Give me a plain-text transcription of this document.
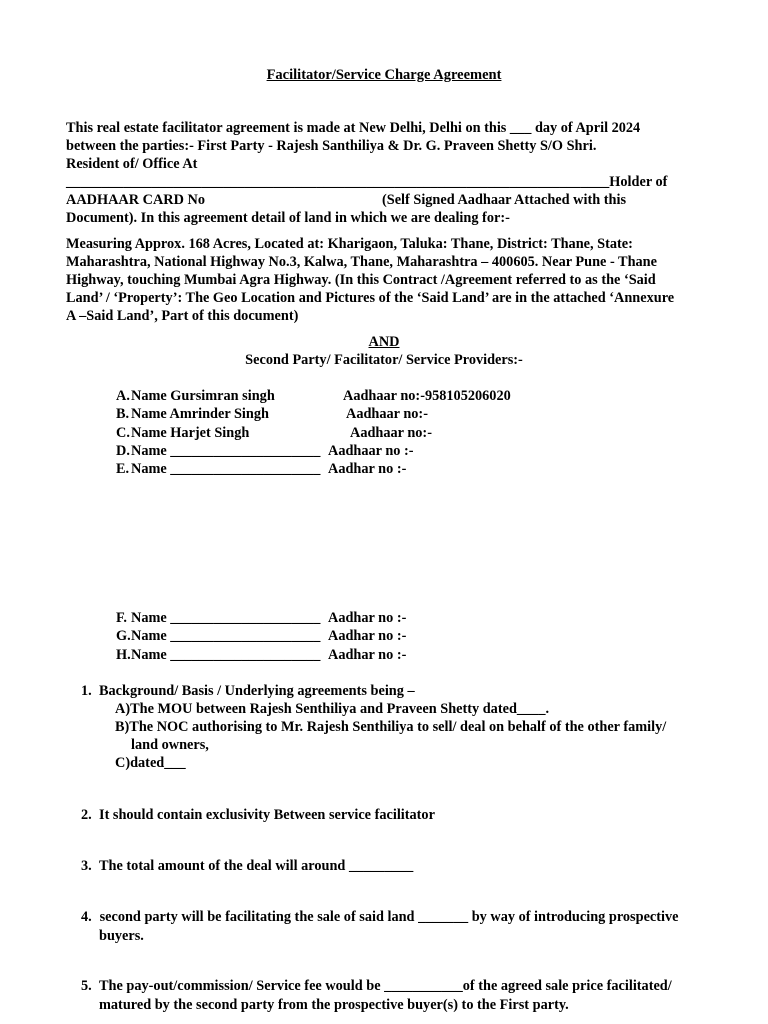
Facilitator/Service Charge Agreement
This real estate facilitator agreement is made at New Delhi, Delhi on this ___ day of April 2024
between the parties:- First Party - Rajesh Santhiliya & Dr. G. Praveen Shetty S/O Shri.
Resident of/ Office At
____________________________________________________________________________Holder of
AADHAAR CARD No	(Self Signed Aadhaar Attached with this
Document). In this agreement detail of land in which we are dealing for:-
Measuring Approx. 168 Acres, Located at: Kharigaon, Taluka: Thane, District: Thane, State:
Maharashtra, National Highway No.3, Kalwa, Thane, Maharashtra – 400605. Near Pune - Thane
Highway, touching Mumbai Agra Highway. (In this Contract /Agreement referred to as the ‘Said
Land’ / ‘Property’: The Geo Location and Pictures of the ‘Said Land’ are in the attached ‘Annexure
A –Said Land’, Part of this document)
AND
Second Party/ Facilitator/ Service Providers:-
A. Name Gursimran singh	Aadhaar no:-958105206020
B. Name Amrinder Singh	Aadhaar no:-
C. Name Harjet Singh	Aadhaar no:-
D. Name _____________________ Aadhaar no :-
E. Name _____________________ Aadhar no :-
F. Name _____________________ Aadhar no :-
G. Name _____________________ Aadhar no :-
H. Name _____________________ Aadhar no :-
1. Background/ Basis / Underlying agreements being –
A)The MOU between Rajesh Senthiliya and Praveen Shetty dated____.
B)The NOC authorising to Mr. Rajesh Senthiliya to sell/ deal on behalf of the other family/
land owners,
C)dated___
2. It should contain exclusivity Between service facilitator
3. The total amount of the deal will around _________
4. second party will be facilitating the sale of said land _______ by way of introducing prospective
buyers.
5. The pay-out/commission/ Service fee would be ___________of the agreed sale price facilitated/
matured by the second party from the prospective buyer(s) to the First party.
